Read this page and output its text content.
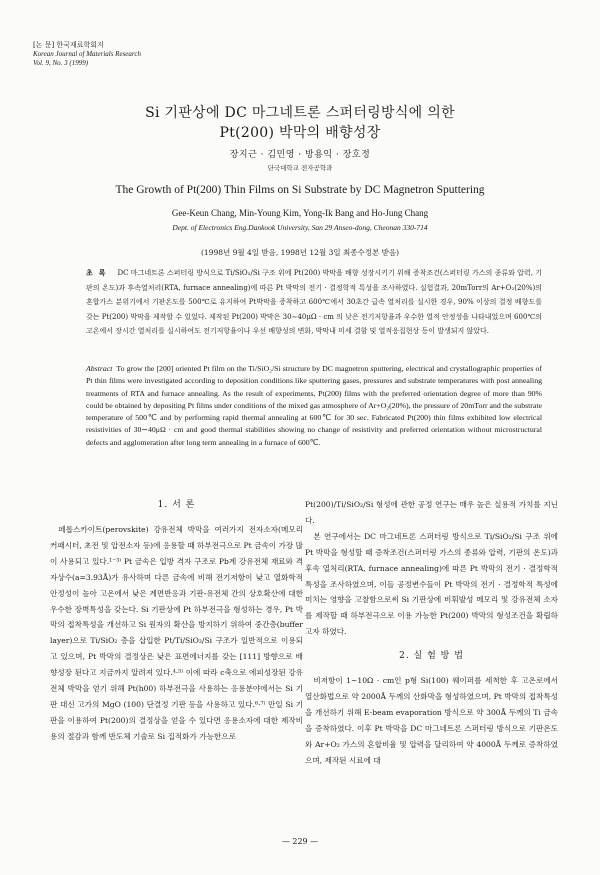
[논 문] 한국재료학회지
Korean Journal of Materials Research
Vol. 9, No. 3 (1999)
Si 기판상에 DC 마그네트론 스퍼터링방식에 의한
Pt(200) 박막의 배향성장
장지근 · 김민영 · 방용익 · 장호정
단국대학교 전자공학과
The Growth of Pt(200) Thin Films on Si Substrate by DC Magnetron Sputtering
Gee-Keun Chang, Min-Young Kim, Yong-Ik Bang and Ho-Jung Chang
Dept. of Electronics Eng.Dankook University, San 29 Anseo-dong, Cheonan 330-714
(1998년 9월 4일 받음, 1998년 12월 3일 최종수정본 받음)
초록 DC 마그네트론 스퍼터링 방식으로 Ti/SiO₂/Si 구조 위에 Pt(200) 박막을 배향 성장시키기 위해 증착조건(스퍼터링 가스의 종류와 압력, 기판의 온도)과 후속열처리(RTA, furnace annealing)에 따른 Pt 박막의 전기 · 결정학적 특성을 조사하였다. 실험결과, 20mTorr의 Ar+O₂(20%)의 혼합가스 분위기에서 기판온도를 500℃로 유지하여 Pt박막을 증착하고 600℃에서 30초간 급속 열처리를 실시한 경우, 90% 이상의 결정 배향도를 갖는 Pt(200) 박막을 제작할 수 있었다. 제작된 Pt(200) 박막은 30∼40μΩ · cm 의 낮은 전기저항율과 우수한 열적 안정성을 나타내었으며 600℃의 고온에서 장시간 열처리를 실시하여도 전기저항율이나 우선 배향성의 변화, 박막내 미세 결함 및 열적응집현상 등이 발생되지 않았다.
Abstract To grow the [200] oriented Pt film on the Ti/SiO₂/Si structure by DC magnetron sputtering, electrical and crystallographic properties of Pt thin films were investigated according to deposition conditions like sputtering gases, pressures and substrate temperatures with post annealing treatments of RTA and furnace annealing. As the result of experiments, Pt(200) films with the preferred orientation degree of more than 90% could be obtained by depositing Pt films under conditions of the mixed gas atmosphere of Ar+O₂(20%), the pressure of 20mTorr and the substrate temperature of 500℃ and by performing rapid thermal annealing at 600℃ for 30 sec. Fabricated Pt(200) thin films exhibited low electrical resistivities of 30∼40μΩ · cm and good thermal stabilities showing no change of resistivity and preferred orientation without microstructural defects and agglomeration after long term annealing in a furnace of 600℃.
1. 서 론

페롭스카이트(perovskite) 강유전체 박막을 여러가지 전자소자(메모리 커패시터, 초전 및 압전소자 등)에 응용할 때 하부전극으로 Pt 금속이 가장 많이 사용되고 있다.¹⁻³⁾ Pt 금속은 입방 격자 구조로 Pb계 강유전체 재료와 격자상수(a=3.93Å)가 유사하며 다른 금속에 비해 전기저항이 낮고 열화학적 안정성이 높아 고온에서 낮은 계면반응과 기판-유전체 간의 상호확산에 대한 우수한 장벽특성을 갖는다. Si 기판상에 Pt 하부전극을 형성하는 경우, Pt 박막의 접착특성을 개선하고 Si 원자의 확산을 방지하기 위하여 중간층(buffer layer)으로 Ti/SiO₂ 층을 삽입한 Pt/Ti/SiO₂/Si 구조가 일반적으로 이용되고 있으며, Pt 박막의 결정상은 낮은 표면에너지를 갖는 [111] 방향으로 배향성장 된다고 지금까지 알려져 있다.⁴·⁵⁾ 이에 따라 c축으로 에피성장된 강유전체 박막을 얻기 위해 Pt(h00) 하부전극을 사용하는 응용분야에서는 Si 기판 대신 고가의 MgO (100) 단결정 기판 등을 사용하고 있다.⁶·⁷⁾ 만일 Si 기판을 이용하여 Pt(200)의 결정상을 얻을 수 있다면 응용소자에 대한 제작비용의 절감과 함께 반도체 기술로 Si 집적화가 가능한으로

Pt(200)/Ti/SiO₂/Si 형성에 관한 공정 연구는 매우 높은 실용적 가치를 지닌다.

본 연구에서는 DC 마그네트론 스퍼터링 방식으로 Ti/SiO₂/Si 구조 위에 Pt 박막을 형성할 때 증착조건(스퍼터링 가스의 종류와 압력, 기판의 온도)과 후속 열처리(RTA, furnace annealing)에 따른 Pt 박막의 전기 · 결정학적 특성을 조사하였으며, 이들 공정변수들이 Pt 박막의 전기 · 결정학적 특성에 미치는 영향을 고찰함으로써 Si 기판상에 비휘발성 메모리 및 강유전체 소자를 제작할 때 하부전극으로 이용 가능한 Pt(200) 박막의 형성조건을 확립하고자 하였다.

2. 실 험 방 법

비저항이 1∼10Ω · cm인 p형 Si(100) 웨이퍼를 세척한 후 고온로에서 열산화법으로 약 2000Å 두께의 산화막을 형성하였으며, Pt 박막의 접착특성을 개선하기 위해 E-beam evaporation 방식으로 약 300Å 두께의 Ti 금속을 증착하였다. 이후 Pt 박막을 DC 마그네트론 스퍼터링 방식으로 기판온도와 Ar+O₂ 가스의 혼합비율 및 압력을 달리하여 약 4000Å 두께로 증착하였으며, 제작된 시료에 대

— 229 —
